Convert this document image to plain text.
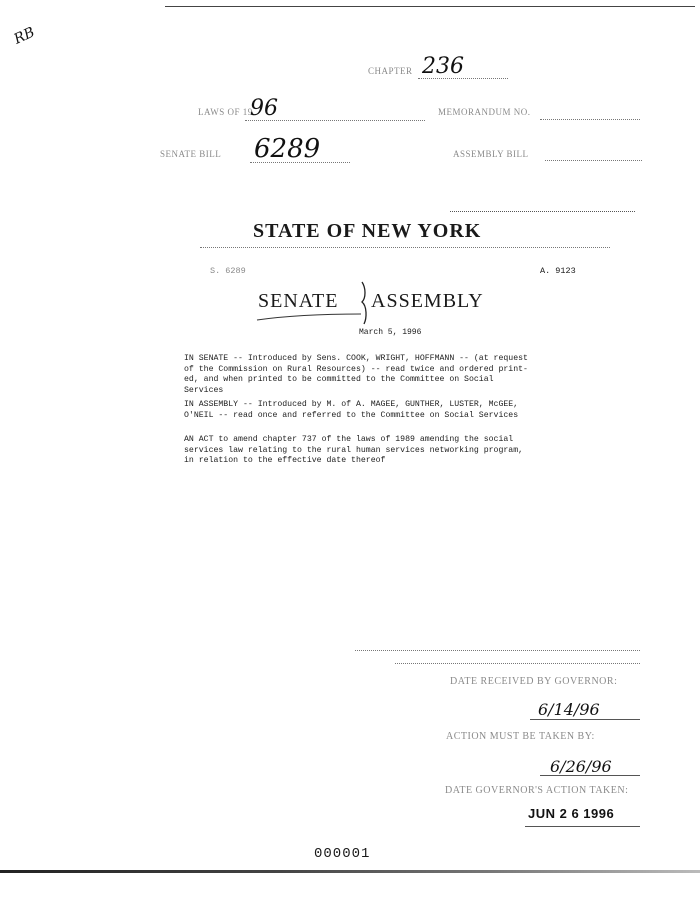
RB
CHAPTER 236
LAWS OF 19
96	MEMORANDUM NO.
SENATE BILL 6289	ASSEMBLY BILL
STATE OF NEW YORK
S. 6289	A. 9123
SENATE ASSEMBLY
March 5, 1996
IN SENATE -- Introduced by Sens. COOK, WRIGHT, HOFFMANN -- (at request
of the Commission on Rural Resources) -- read twice and ordered print-
ed, and when printed to be committed to the Committee on Social
Services
IN ASSEMBLY -- Introduced by M. of A. MAGEE, GUNTHER, LUSTER, McGEE,
O'NEIL -- read once and referred to the Committee on Social Services
AN ACT to amend chapter 737 of the laws of 1989 amending the social
services law relating to the rural human services networking program,
in relation to the effective date thereof
DATE RECEIVED BY GOVERNOR:
6/14/96
ACTION MUST BE TAKEN BY:
6/26/96
DATE GOVERNOR'S ACTION TAKEN:
JUN 2 6 1996
000001
